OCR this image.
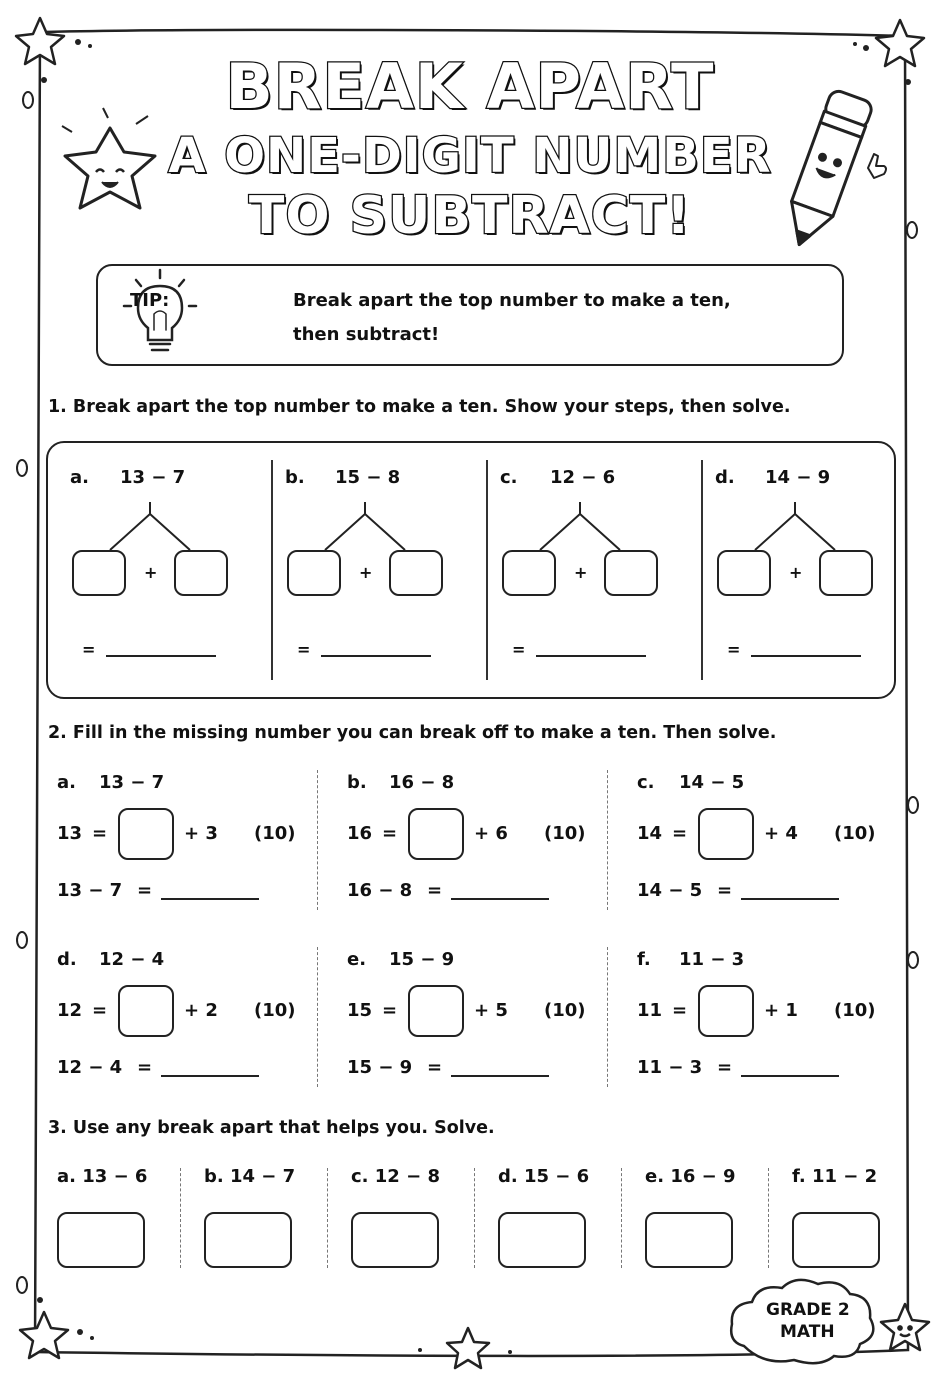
BREAK APART
A ONE-DIGIT NUMBER
TO SUBTRACT!
TIP:	Break apart the top number to make a ten,
then subtract!
1. Break apart the top number to make a ten. Show your steps, then solve.
a. 13 − 7
+
=
b. 15 − 8
+
=
c. 12 − 6
+
=
d. 14 − 9
+
=
2. Fill in the missing number you can break off to make a ten. Then solve.
a. 13 − 7
13 =	+ 3 (10)
13 − 7 =
b. 16 − 8
16 =	+ 6 (10)
16 − 8 =
c. 14 − 5
14 =	+ 4 (10)
14 − 5 =
d. 12 − 4
12 =	+ 2 (10)
12 − 4 =
e. 15 − 9
15 =	+ 5 (10)
15 − 9 =
f. 11 − 3
11 =	+ 1 (10)
11 − 3 =
3. Use any break apart that helps you. Solve.
a. 13 − 6	b. 14 − 7	c. 12 − 8	d. 15 − 6	e. 16 − 9	f. 11 − 2
GRADE 2
MATH
